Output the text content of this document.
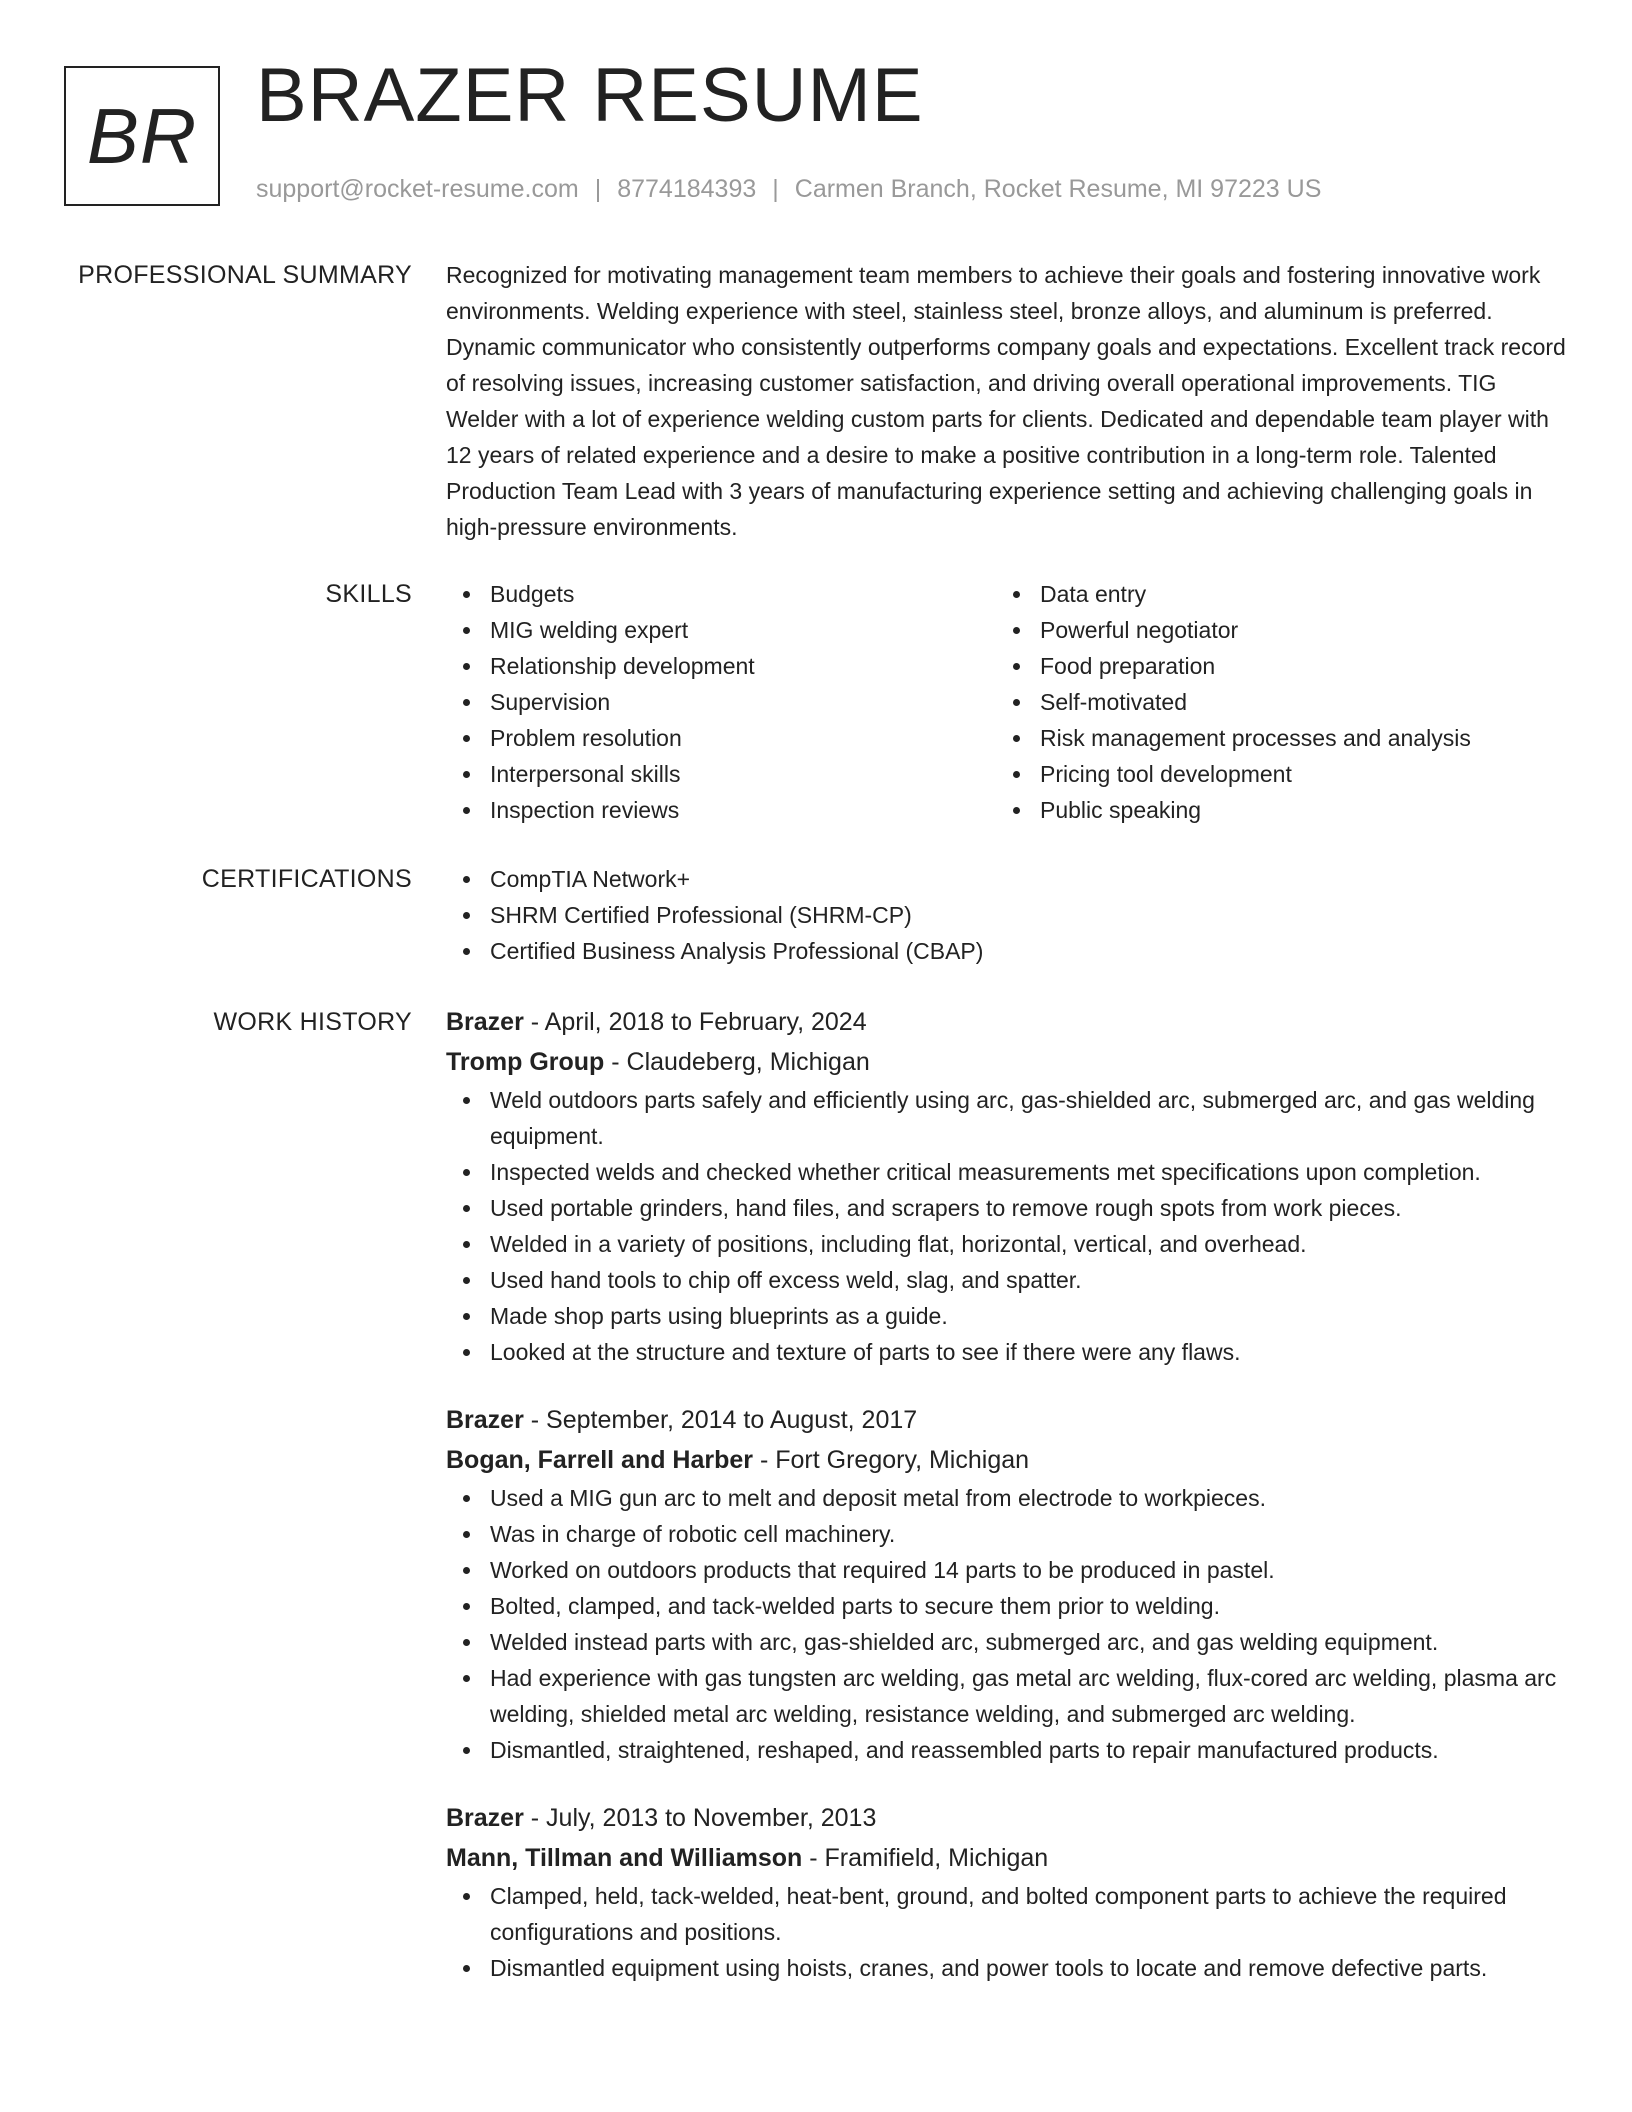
BR BRAZER RESUME
support@rocket-resume.com | 8774184393 | Carmen Branch, Rocket Resume, MI 97223 US
PROFESSIONAL SUMMARY Recognized for motivating management team members to achieve their goals and fostering innovative work environments. Welding experience with steel, stainless steel, bronze alloys, and aluminum is preferred. Dynamic communicator who consistently outperforms company goals and expectations. Excellent track record of resolving issues, increasing customer satisfaction, and driving overall operational improvements. TIG Welder with a lot of experience welding custom parts for clients. Dedicated and dependable team player with 12 years of related experience and a desire to make a positive contribution in a long-term role. Talented Production Team Lead with 3 years of manufacturing experience setting and achieving challenging goals in high-pressure environments.

SKILLS	Budgets
MIG welding expert
Relationship development
Supervision
Problem resolution
Interpersonal skills
Inspection reviews
Data entry
Powerful negotiator
Food preparation
Self-motivated
Risk management processes and analysis
Pricing tool development
Public speaking
CERTIFICATIONS	CompTIA Network+
SHRM Certified Professional (SHRM-CP)
Certified Business Analysis Professional (CBAP)
WORK HISTORY Brazer - April, 2018 to February, 2024
Tromp Group - Claudeberg, Michigan
Weld outdoors parts safely and efficiently using arc, gas-shielded arc, submerged arc, and gas welding equipment.
Inspected welds and checked whether critical measurements met specifications upon completion.
Used portable grinders, hand files, and scrapers to remove rough spots from work pieces.
Welded in a variety of positions, including flat, horizontal, vertical, and overhead.
Used hand tools to chip off excess weld, slag, and spatter.
Made shop parts using blueprints as a guide.
Looked at the structure and texture of parts to see if there were any flaws.
Brazer - September, 2014 to August, 2017
Bogan, Farrell and Harber - Fort Gregory, Michigan
Used a MIG gun arc to melt and deposit metal from electrode to workpieces.
Was in charge of robotic cell machinery.
Worked on outdoors products that required 14 parts to be produced in pastel.
Bolted, clamped, and tack-welded parts to secure them prior to welding.
Welded instead parts with arc, gas-shielded arc, submerged arc, and gas welding equipment.
Had experience with gas tungsten arc welding, gas metal arc welding, flux-cored arc welding, plasma arc welding, shielded metal arc welding, resistance welding, and submerged arc welding.
Dismantled, straightened, reshaped, and reassembled parts to repair manufactured products.
Brazer - July, 2013 to November, 2013
Mann, Tillman and Williamson - Framifield, Michigan
Clamped, held, tack-welded, heat-bent, ground, and bolted component parts to achieve the required configurations and positions.
Dismantled equipment using hoists, cranes, and power tools to locate and remove defective parts.
